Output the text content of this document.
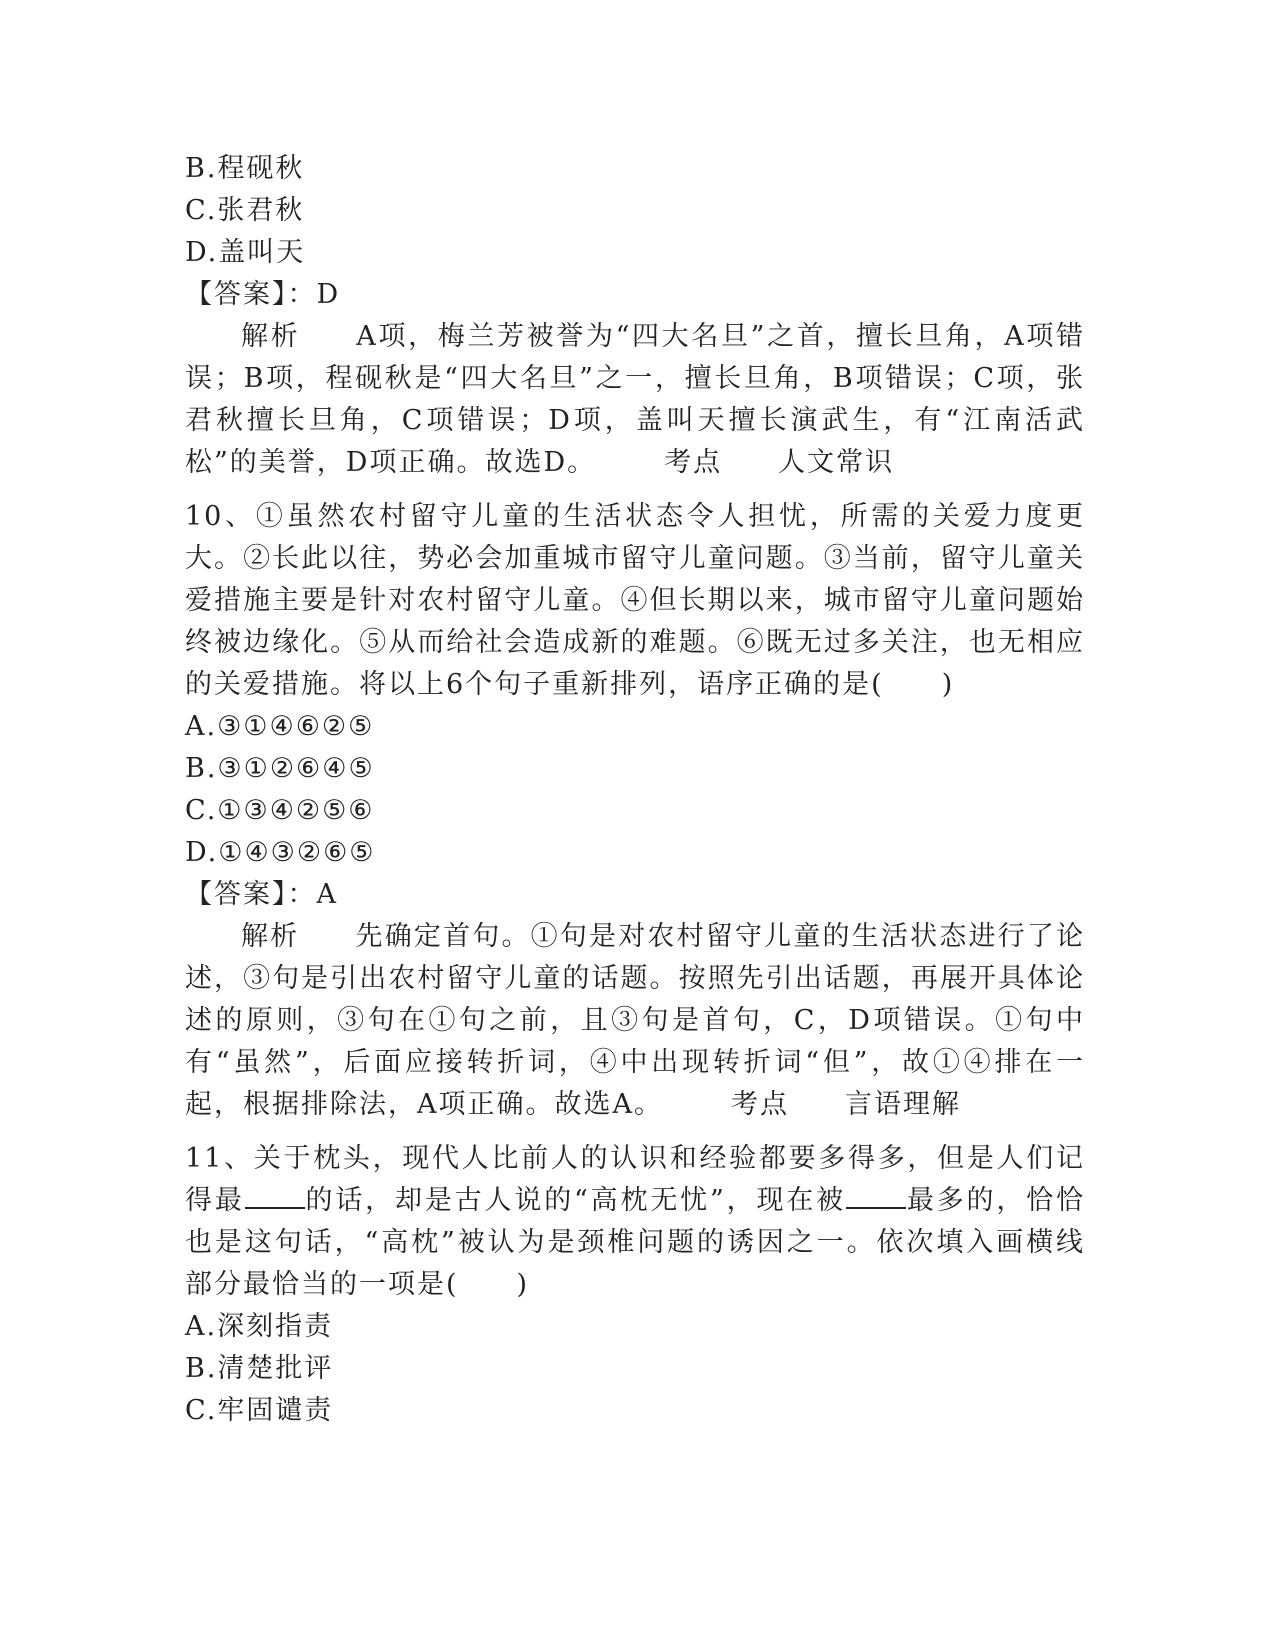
B.程砚秋
C.张君秋
D.盖叫天
【答案】：D
解析 A项，梅兰芳被誉为“四大名旦”之首，擅长旦角，A项错误；B项，程砚秋是“四大名旦”之一，擅长旦角，B项错误；C项，张君秋擅长旦角，C项错误；D项，盖叫天擅长演武生，有“江南活武松”的美誉，D项正确。故选D。	考点 人文常识
10、①虽然农村留守儿童的生活状态令人担忧，所需的关爱力度更大。②长此以往，势必会加重城市留守儿童问题。③当前，留守儿童关爱措施主要是针对农村留守儿童。④但长期以来，城市留守儿童问题始终被边缘化。⑤从而给社会造成新的难题。⑥既无过多关注，也无相应的关爱措施。将以上6个句子重新排列，语序正确的是(　　)
A.③①④⑥②⑤
B.③①②⑥④⑤
C.①③④②⑤⑥
D.①④③②⑥⑤
【答案】：A
解析 先确定首句。①句是对农村留守儿童的生活状态进行了论述，③句是引出农村留守儿童的话题。按照先引出话题，再展开具体论述的原则，③句在①句之前，且③句是首句，C，D项错误。①句中有“虽然”，后面应接转折词，④中出现转折词“但”，故①④排在一起，根据排除法，A项正确。故选A。	考点 言语理解
11、关于枕头，现代人比前人的认识和经验都要多得多，但是人们记得最 的话，却是古人说的“高枕无忧”，现在被 最多的，恰恰也是这句话，“高枕”被认为是颈椎问题的诱因之一。依次填入画横线部分最恰当的一项是(　　)
A.深刻指责
B.清楚批评
C.牢固谴责
